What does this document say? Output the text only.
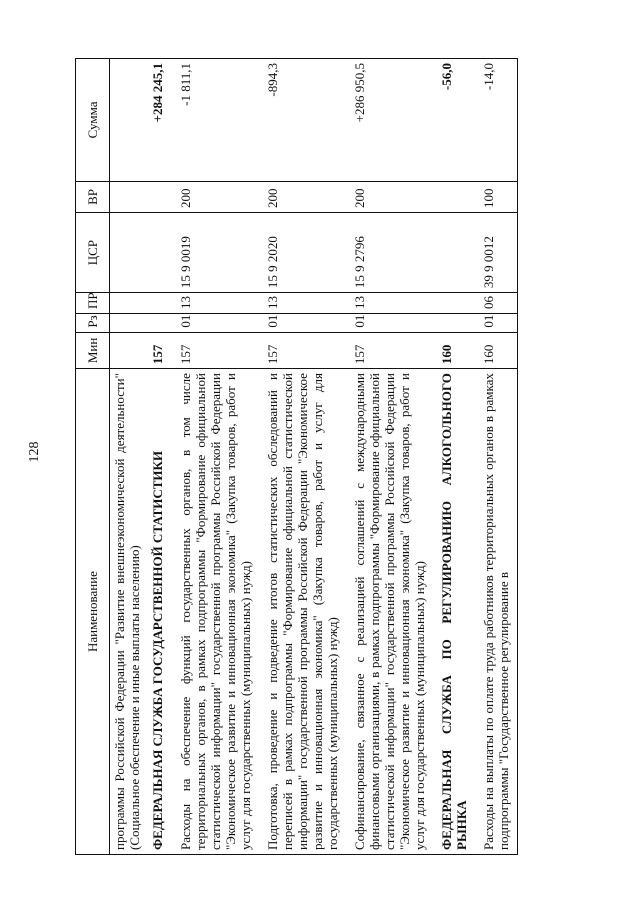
128
Наименование	Мин	Рз	ПР	ЦСР	ВР	Сумма
программы Российской Федерации "Развитие внешнеэкономической деятельности" (Социальное обеспечение и иные выплаты населению)						
ФЕДЕРАЛЬНАЯ СЛУЖБА ГОСУДАРСТВЕННОЙ СТАТИСТИКИ	157					+284 245,1
Расходы на обеспечение функций государственных органов, в том числе территориальных органов, в рамках подпрограммы "Формирование официальной статистической информации" государственной программы Российской Федерации "Экономическое развитие и инновационная экономика" (Закупка товаров, работ и услуг для государственных (муниципальных) нужд)	157	01	13	15 9 0019	200	-1 811,1
Подготовка, проведение и подведение итогов статистических обследований и переписей в рамках подпрограммы "Формирование официальной статистической информации" государственной программы Российской Федерации "Экономическое развитие и инновационная экономика" (Закупка товаров, работ и услуг для государственных (муниципальных) нужд)	157	01	13	15 9 2020	200	-894,3
Софинансирование, связанное с реализацией соглашений с международными финансовыми организациями, в рамках подпрограммы "Формирование официальной статистической информации" государственной программы Российской Федерации "Экономическое развитие и инновационная экономика" (Закупка товаров, работ и услуг для государственных (муниципальных) нужд)	157	01	13	15 9 2796	200	+286 950,5
ФЕДЕРАЛЬНАЯ СЛУЖБА ПО РЕГУЛИРОВАНИЮ АЛКОГОЛЬНОГО РЫНКА	160					-56,0
Расходы на выплаты по оплате труда работников территориальных органов в рамках подпрограммы "Государственное регулирование в	160	01	06	39 9 0012	100	-14,0
